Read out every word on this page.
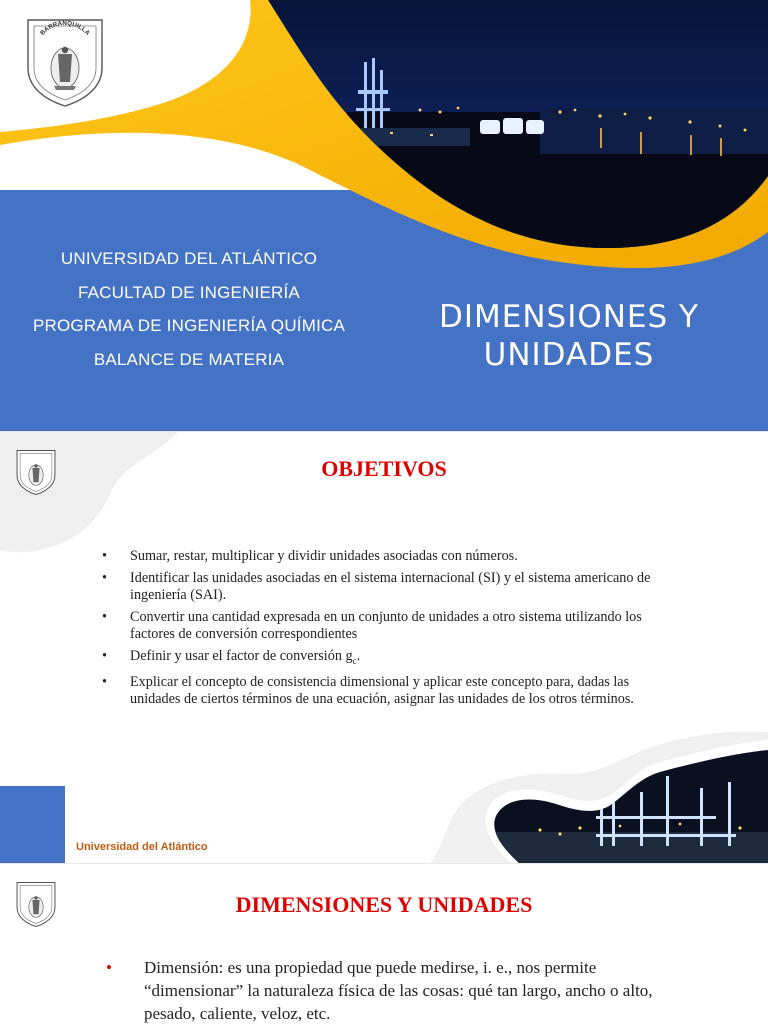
BARRANQUILLA
UNIVERSIDAD DEL ATLÁNTICO
FACULTAD DE INGENIERÍA
PROGRAMA DE INGENIERÍA QUÍMICA
BALANCE DE MATERIA
DIMENSIONES Y
UNIDADES
OBJETIVOS
• Sumar, restar, multiplicar y dividir unidades asociadas con números.
• Identificar las unidades asociadas en el sistema internacional (SI) y el sistema americano de ingeniería (SAI).
• Convertir una cantidad expresada en un conjunto de unidades a otro sistema utilizando los factores de conversión correspondientes
• Definir y usar el factor de conversión $g_c$.
• Explicar el concepto de consistencia dimensional y aplicar este concepto para, dadas las unidades de ciertos términos de una ecuación, asignar las unidades de los otros términos.
Universidad del Atlántico
DIMENSIONES Y UNIDADES
• Dimensión: es una propiedad que puede medirse, i. e., nos permite “dimensionar” la naturaleza física de las cosas: qué tan largo, ancho o alto, pesado, caliente, veloz, etc.
